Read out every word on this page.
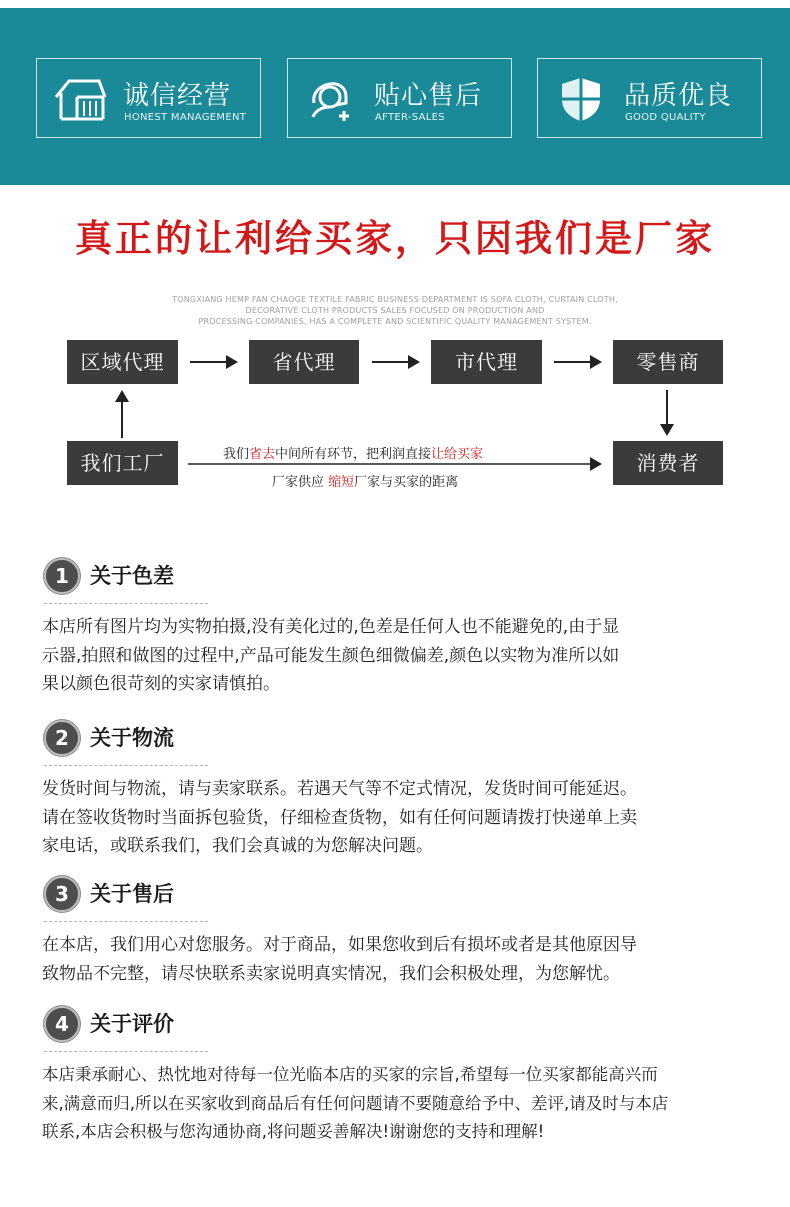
诚信经营
HONEST MANAGEMENT
贴心售后
AFTER-SALES
品质优良
GOOD QUALITY
真正的让利给买家，只因我们是厂家
TONGXIANG HEMP FAN CHAOGE TEXTILE FABRIC BUSINESS DEPARTMENT IS SOFA CLOTH, CURTAIN CLOTH,
DECORATIVE CLOTH PRODUCTS SALES FOCUSED ON PRODUCTION AND
PROCESSING COMPANIES, HAS A COMPLETE AND SCIENTIFIC QUALITY MANAGEMENT SYSTEM.
区域代理	省代理	市代理	零售商
我们工厂	消费者
我们省去中间所有环节，把利润直接让给买家
厂家供应 缩短厂家与买家的距离
1	关于色差
本店所有图片均为实物拍摄,没有美化过的,色差是任何人也不能避免的,由于显
示器,拍照和做图的过程中,产品可能发生颜色细微偏差,颜色以实物为准所以如
果以颜色很苛刻的实家请慎拍。
2	关于物流
发货时间与物流，请与卖家联系。若遇天气等不定式情况，发货时间可能延迟。
请在签收货物时当面拆包验货，仔细检查货物，如有任何问题请拨打快递单上卖
家电话，或联系我们，我们会真诚的为您解决问题。
3	关于售后
在本店，我们用心对您服务。对于商品，如果您收到后有损坏或者是其他原因导
致物品不完整，请尽快联系卖家说明真实情况，我们会积极处理，为您解忧。
4	关于评价
本店秉承耐心、热忱地对待每一位光临本店的买家的宗旨,希望每一位买家都能高兴而
来,满意而归,所以在买家收到商品后有任何问题请不要随意给予中、差评,请及时与本店
联系,本店会积极与您沟通协商,将问题妥善解决!谢谢您的支持和理解!
